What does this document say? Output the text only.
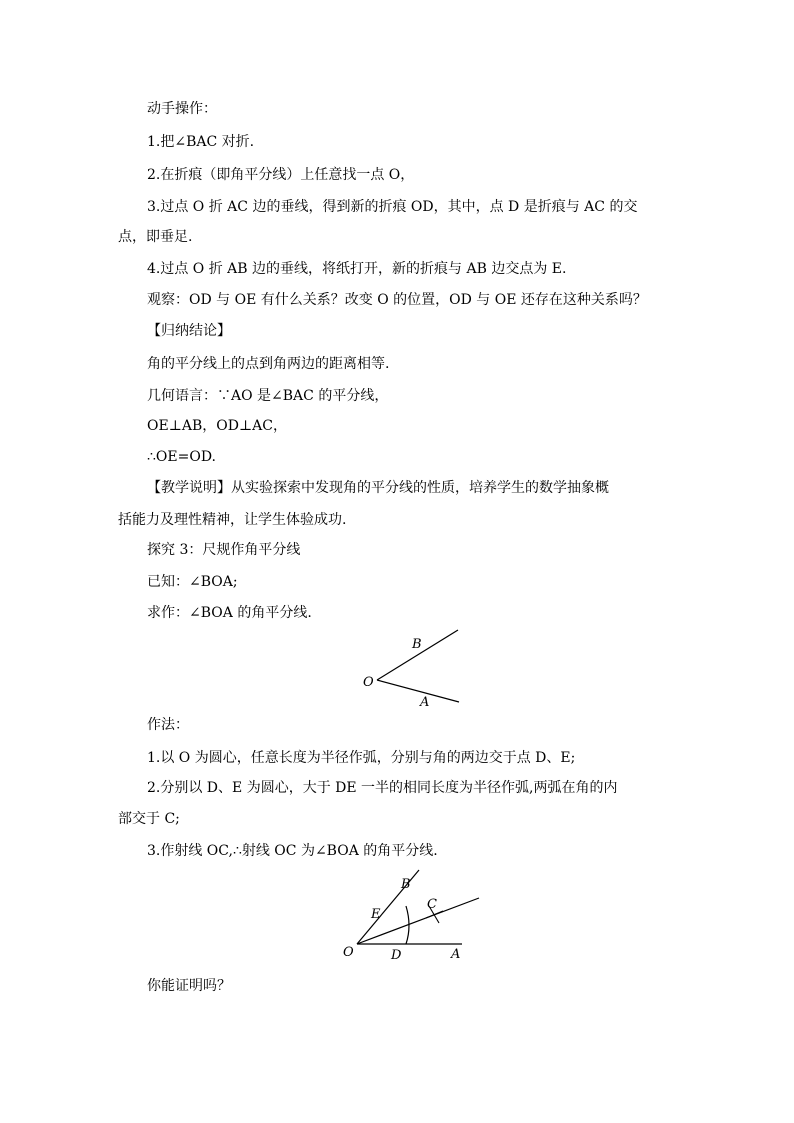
动手操作：
1.把∠BAC 对折.
2.在折痕（即角平分线）上任意找一点 O，
3.过点 O 折 AC 边的垂线，得到新的折痕 OD，其中，点 D 是折痕与 AC 的交
点，即垂足.
4.过点 O 折 AB 边的垂线，将纸打开，新的折痕与 AB 边交点为 E.
观察：OD 与 OE 有什么关系？改变 O 的位置，OD 与 OE 还存在这种关系吗？
【归纳结论】
角的平分线上的点到角两边的距离相等.
几何语言：∵AO 是∠BAC 的平分线，
OE⊥AB，OD⊥AC，
∴OE=OD.
【教学说明】从实验探索中发现角的平分线的性质，培养学生的数学抽象概
括能力及理性精神，让学生体验成功.
探究 3：尺规作角平分线
已知：∠BOA;
求作：∠BOA 的角平分线.
B
O
A
作法：
1.以 O 为圆心，任意长度为半径作弧，分别与角的两边交于点 D、E;
2.分别以 D、E 为圆心，大于 DE 一半的相同长度为半径作弧,两弧在角的内
部交于 C;
3.作射线 OC,∴射线 OC 为∠BOA 的角平分线.
B
C
E
O	D	A
你能证明吗？
